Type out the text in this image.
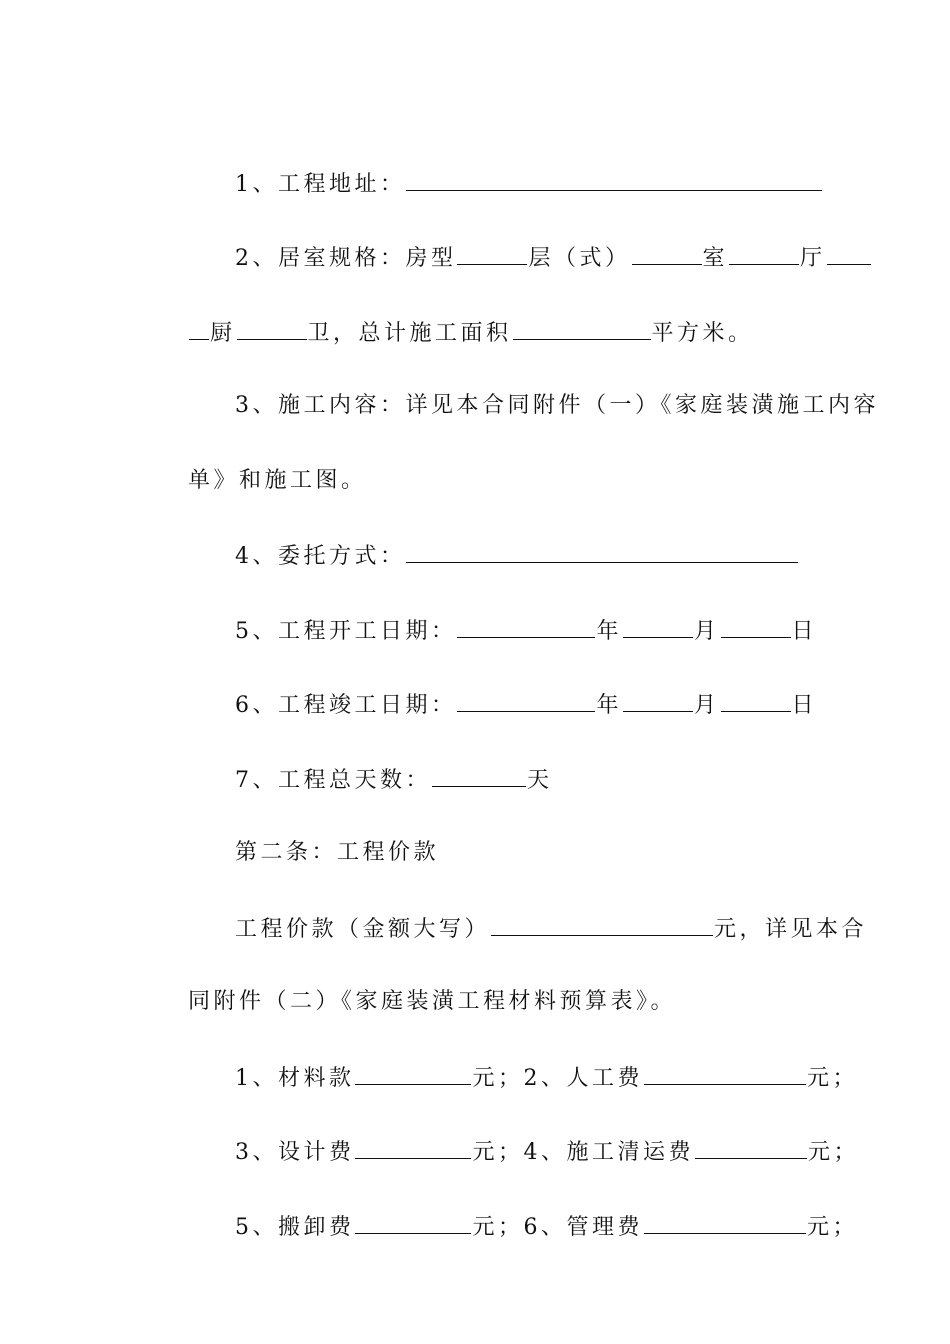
1、工程地址：

2、居室规格：房型	层（式）	室	厅

厨	卫，总计施工面积	平方米。

3、施工内容：详见本合同附件（一）《家庭装潢施工内容

单》和施工图。

4、委托方式：

5、工程开工日期：	年	月	日

6、工程竣工日期：	年	月	日

7、工程总天数：	天

第二条：工程价款

工程价款（金额大写）	元，详见本合

同附件（二）《家庭装潢工程材料预算表》。

1、材料款	元；2、人工费	元；

3、设计费	元；4、施工清运费	元；

5、搬卸费	元；6、管理费	元；
